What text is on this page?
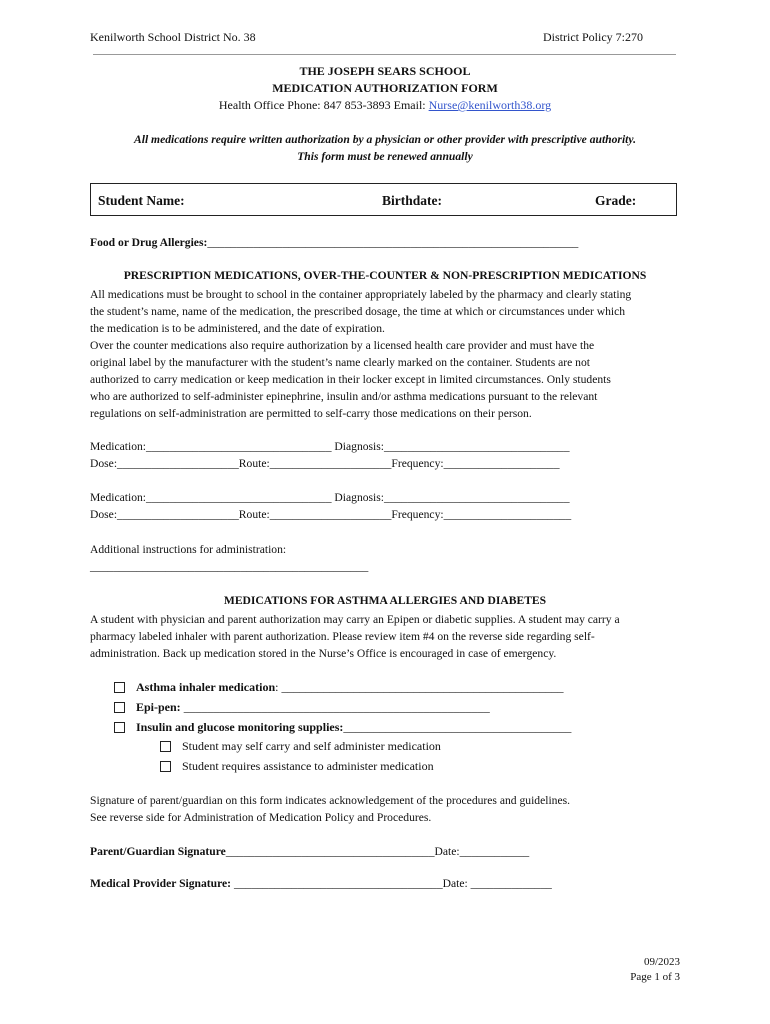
Kenilworth School District No. 38	District Policy 7:270
THE JOSEPH SEARS SCHOOL
MEDICATION AUTHORIZATION FORM
Health Office Phone: 847 853-3893 Email: Nurse@kenilworth38.org
All medications require written authorization by a physician or other provider with prescriptive authority.
This form must be renewed annually
Student Name:	Birthdate:	Grade:
Food or Drug Allergies:________________________________________________________________
PRESCRIPTION MEDICATIONS, OVER-THE-COUNTER & NON-PRESCRIPTION MEDICATIONS
All medications must be brought to school in the container appropriately labeled by the pharmacy and clearly stating
the student’s name, name of the medication, the prescribed dosage, the time at which or circumstances under which
the medication is to be administered, and the date of expiration.
Over the counter medications also require authorization by a licensed health care provider and must have the
original label by the manufacturer with the student’s name clearly marked on the container. Students are not
authorized to carry medication or keep medication in their locker except in limited circumstances. Only students
who are authorized to self-administer epinephrine, insulin and/or asthma medications pursuant to the relevant
regulations on self-administration are permitted to self-carry those medications on their person.
Medication:________________________________ Diagnosis:________________________________
Dose:_____________________Route:_____________________Frequency:____________________
Medication:________________________________ Diagnosis:________________________________
Dose:_____________________Route:_____________________Frequency:______________________
Additional instructions for administration:
________________________________________________
MEDICATIONS FOR ASTHMA ALLERGIES AND DIABETES
A student with physician and parent authorization may carry an Epipen or diabetic supplies. A student may carry a
pharmacy labeled inhaler with parent authorization. Please review item #4 on the reverse side regarding self-
administration. Back up medication stored in the Nurse’s Office is encouraged in case of emergency.
Asthma inhaler medication: _______________________________________________
Epi-pen: ___________________________________________________
Insulin and glucose monitoring supplies:______________________________________
Student may self carry and self administer medication
Student requires assistance to administer medication
Signature of parent/guardian on this form indicates acknowledgement of the procedures and guidelines.
See reverse side for Administration of Medication Policy and Procedures.
Parent/Guardian Signature____________________________________Date:____________
Medical Provider Signature: ____________________________________Date: ______________
09/2023
Page 1 of 3
